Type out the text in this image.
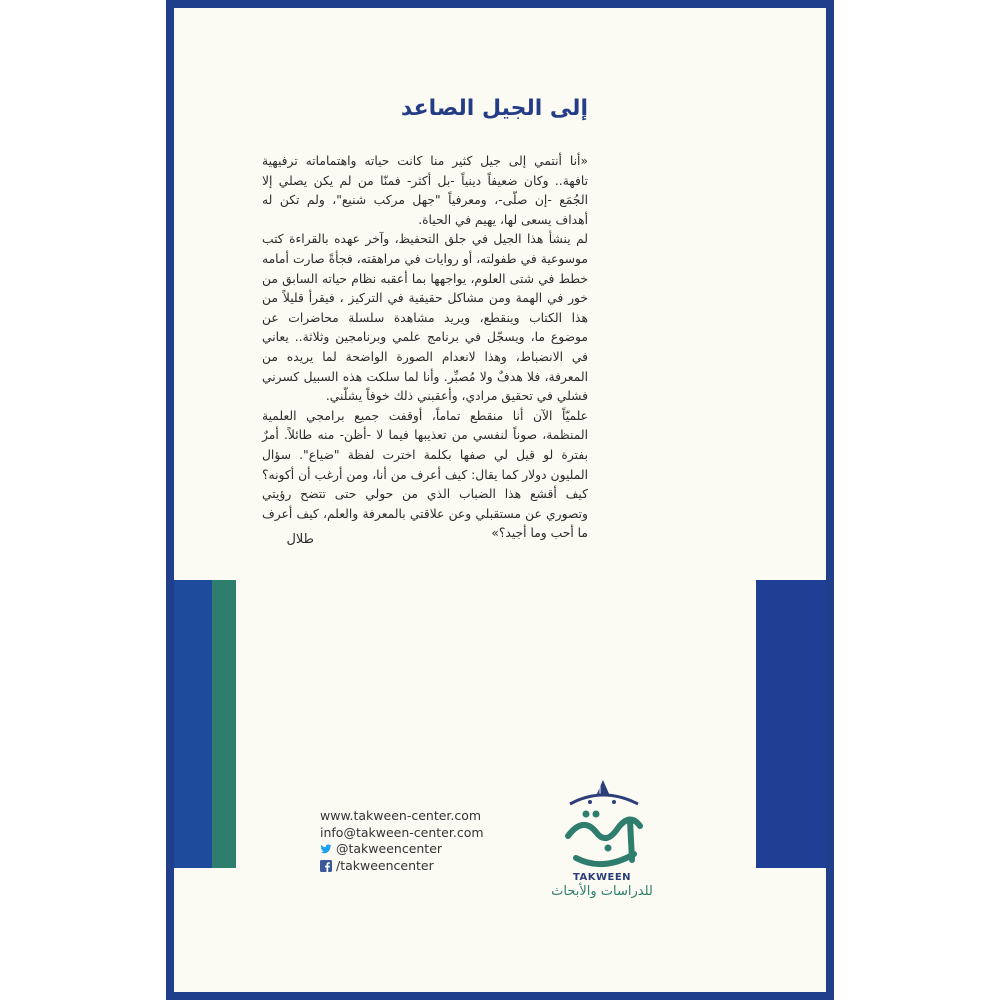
إلى الجيل الصاعد

«أنا أنتمي إلى جيل كثير منا كانت حياته واهتماماته ترفيهية تافهة.. وكان ضعيفاً دينياً -بل أكثر- فمنّا من لم يكن يصلي إلا الجُمَع -إن صلّى-، ومعرفياً "جهل مركب شنيع"، ولم تكن له أهداف يسعى لها، يهيم في الحياة.

لم ينشأ هذا الجيل في جلق التحفيظ، وآخر عهده بالقراءة كتب موسوعية في طفولته، أو روايات في مراهقته، فجأةً صارت أمامه خطط في شتى العلوم، يواجهها بما أعقبه نظام حياته السابق من خور في الهمة ومن مشاكل حقيقية في التركيز ، فيقرأ قليلاً من هذا الكتاب وينقطع، ويريد مشاهدة سلسلة محاضرات عن موضوع ما، ويسجّل في برنامج علمي وبرنامجين وثلاثة.. يعاني في الانضباط، وهذا لانعدام الصورة الواضحة لما يريده من المعرفة، فلا هدفٌ ولا مُصبِّر. وأنا لما سلكت هذه السبيل كسرني فشلي في تحقيق مرادي، وأعقبني ذلك خوفاً يشلّني.

علميّاً الآن أنا منقطع تماماً، أوقفت جميع برامجي العلمية المنظمة، صوناً لنفسي من تعذيبها فيما لا -أظن- منه طائلاً. أمرٌ بفترة لو قيل لي صفها بكلمة اخترت لفظة "ضياع". سؤال المليون دولار كما يقال: كيف أعرف من أنا، ومن أرغب أن أكونه؟ كيف أقشع هذا الضباب الذي من حولي حتى تتضح رؤيتي وتصوري عن مستقبلي وعن علاقتي بالمعرفة والعلم، كيف أعرف ما أحب وما أجيد؟»

طلال
www.takween-center.com
info@takween-center.com
@takweencenter
/takweencenter
TAKWEEN
للدراسات والأبحاث
